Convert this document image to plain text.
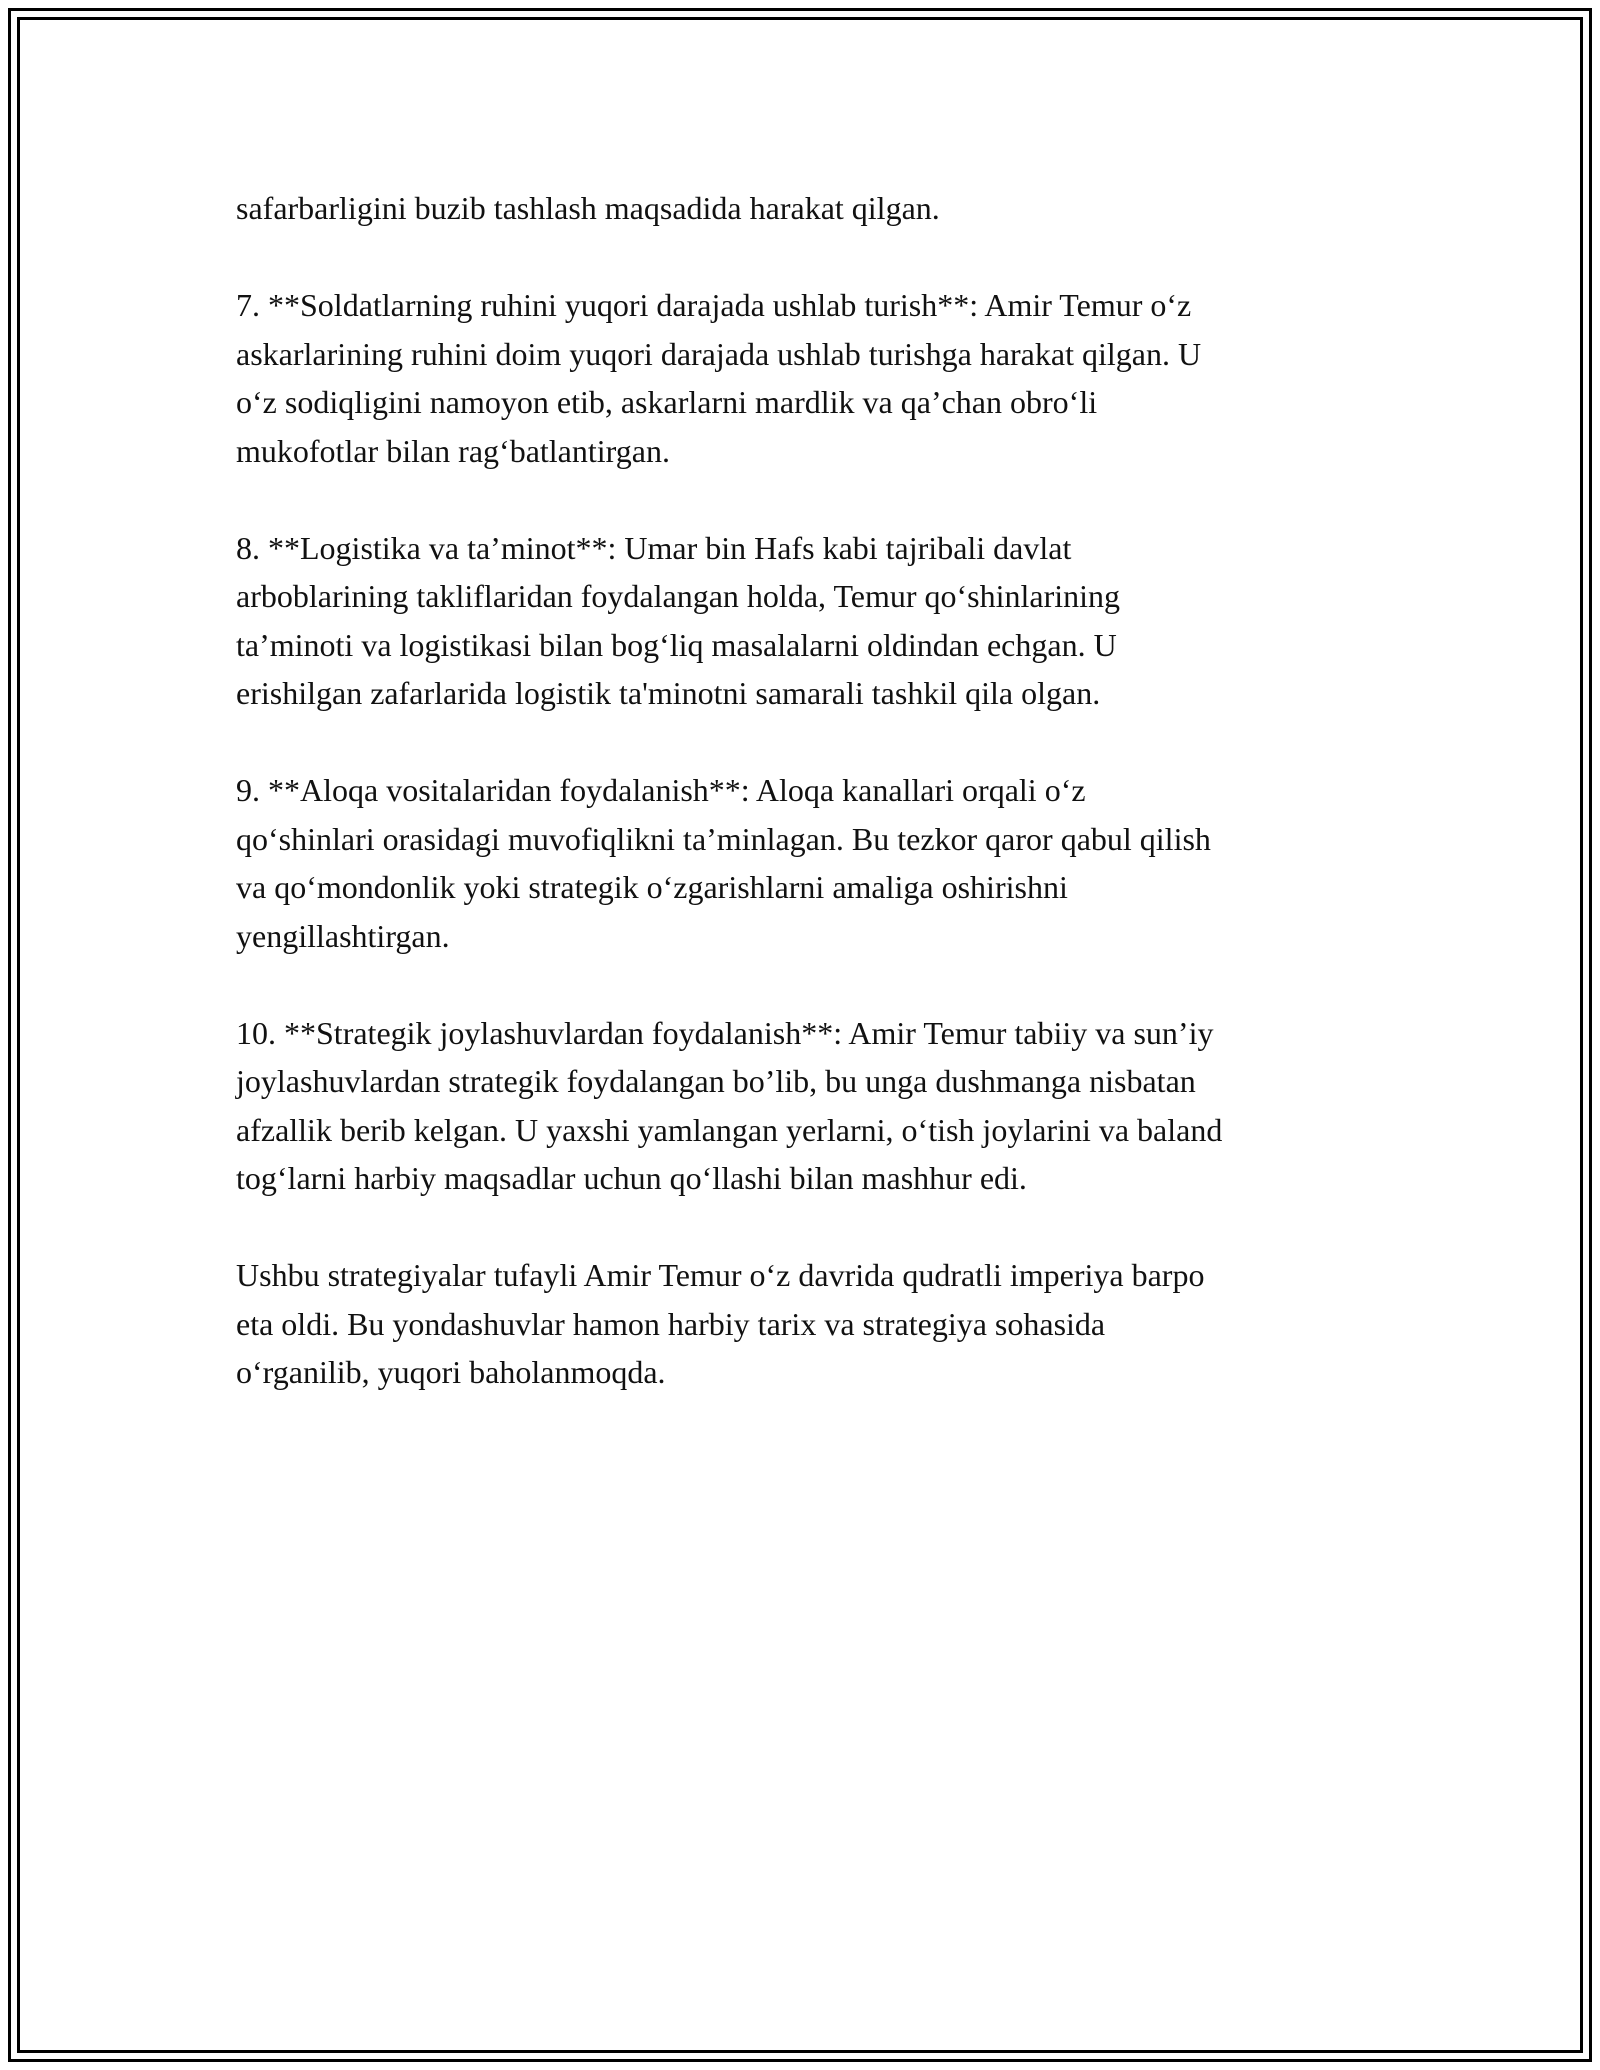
safarbarligini buzib tashlash maqsadida harakat qilgan.

7. **Soldatlarning ruhini yuqori darajada ushlab turish**: Amir Temur o‘z
askarlarining ruhini doim yuqori darajada ushlab turishga harakat qilgan. U
o‘z sodiqligini namoyon etib, askarlarni mardlik va qa’chan obro‘li
mukofotlar bilan rag‘batlantirgan.

8. **Logistika va ta’minot**: Umar bin Hafs kabi tajribali davlat
arboblarining takliflaridan foydalangan holda, Temur qo‘shinlarining
ta’minoti va logistikasi bilan bog‘liq masalalarni oldindan echgan. U
erishilgan zafarlarida logistik ta'minotni samarali tashkil qila olgan.

9. **Aloqa vositalaridan foydalanish**: Aloqa kanallari orqali o‘z
qo‘shinlari orasidagi muvofiqlikni ta’minlagan. Bu tezkor qaror qabul qilish
va qo‘mondonlik yoki strategik o‘zgarishlarni amaliga oshirishni
yengillashtirgan.

10. **Strategik joylashuvlardan foydalanish**: Amir Temur tabiiy va sun’iy
joylashuvlardan strategik foydalangan bo’lib, bu unga dushmanga nisbatan
afzallik berib kelgan. U yaxshi yamlangan yerlarni, o‘tish joylarini va baland
tog‘larni harbiy maqsadlar uchun qo‘llashi bilan mashhur edi.

Ushbu strategiyalar tufayli Amir Temur o‘z davrida qudratli imperiya barpo
eta oldi. Bu yondashuvlar hamon harbiy tarix va strategiya sohasida
o‘rganilib, yuqori baholanmoqda.
